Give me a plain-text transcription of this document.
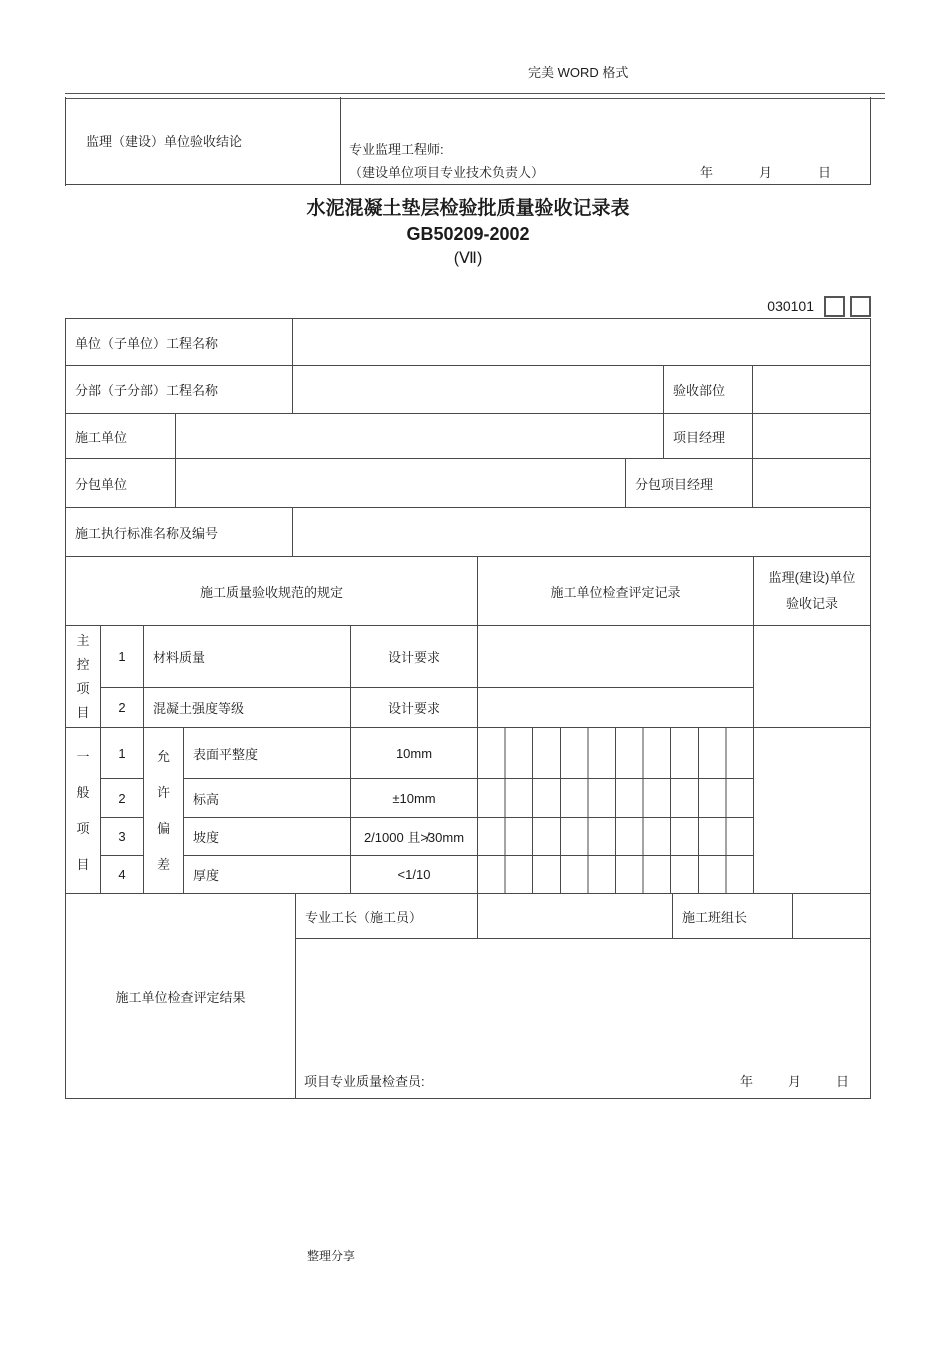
完美 WORD 格式
监理（建设）单位验收结论
专业监理工程师:
（建设单位项目专业技术负责人）	年	月	日
水泥混凝土垫层检验批质量验收记录表
GB50209-2002
(Ⅶ)
030101
单位（子单位）工程名称
分部（子分部）工程名称	验收部位
施工单位	项目经理
分包单位	分包项目经理
施工执行标准名称及编号
施工质量验收规范的规定	施工单位检查评定记录
监理(建设)单位验收记录
主控项目
1 材料质量	设计要求
2 混凝土强度等级	设计要求
一般项目
允许偏差
1	表面平整度	10mm
2	标高	±10mm
3	坡度	2/1000 且≯30mm
4	厚度	<1/10
施工单位检查评定结果
专业工长（施工员）	施工班组长
项目专业质量检查员:	年	月	日
整理分享
